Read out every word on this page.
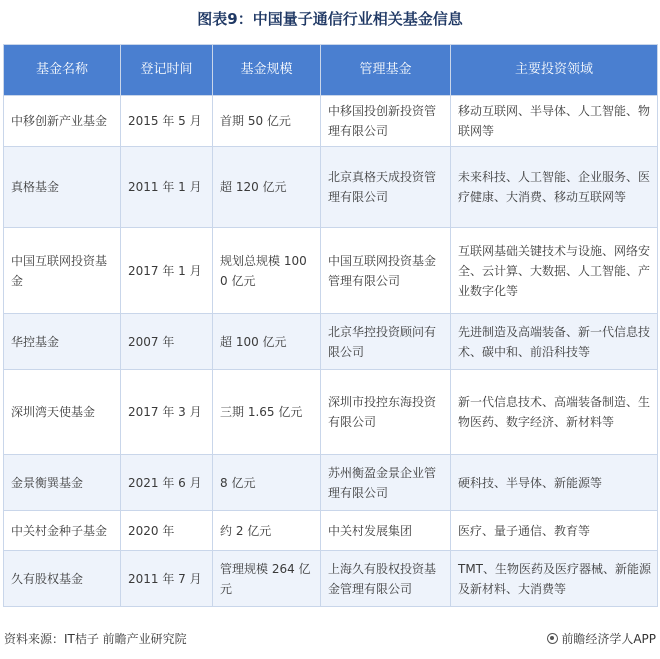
图表9：中国量子通信行业相关基金信息
基金名称	登记时间	基金规模	管理基金	主要投资领域
中移创新产业基金	2015 年 5 月	首期 50 亿元	中移国投创新投资管理有限公司	移动互联网、半导体、人工智能、物联网等
真格基金	2011 年 1 月	超 120 亿元	北京真格天成投资管理有限公司	未来科技、人工智能、企业服务、医疗健康、大消费、移动互联网等
中国互联网投资基金	2017 年 1 月	规划总规模 1000 亿元	中国互联网投资基金管理有限公司	互联网基础关键技术与设施、网络安全、云计算、大数据、人工智能、产业数字化等
华控基金	2007 年	超 100 亿元	北京华控投资顾问有限公司	先进制造及高端装备、新一代信息技术、碳中和、前沿科技等
深圳湾天使基金	2017 年 3 月	三期 1.65 亿元	深圳市投控东海投资有限公司	新一代信息技术、高端装备制造、生物医药、数字经济、新材料等
金景衡巽基金	2021 年 6 月	8 亿元	苏州衡盈金景企业管理有限公司	硬科技、半导体、新能源等
中关村金种子基金	2020 年	约 2 亿元	中关村发展集团	医疗、量子通信、教育等
久有股权基金	2011 年 7 月	管理规模 264 亿元	上海久有股权投资基金管理有限公司	TMT、生物医药及医疗器械、新能源及新材料、大消费等
资料来源：IT桔子 前瞻产业研究院	前瞻经济学人APP
